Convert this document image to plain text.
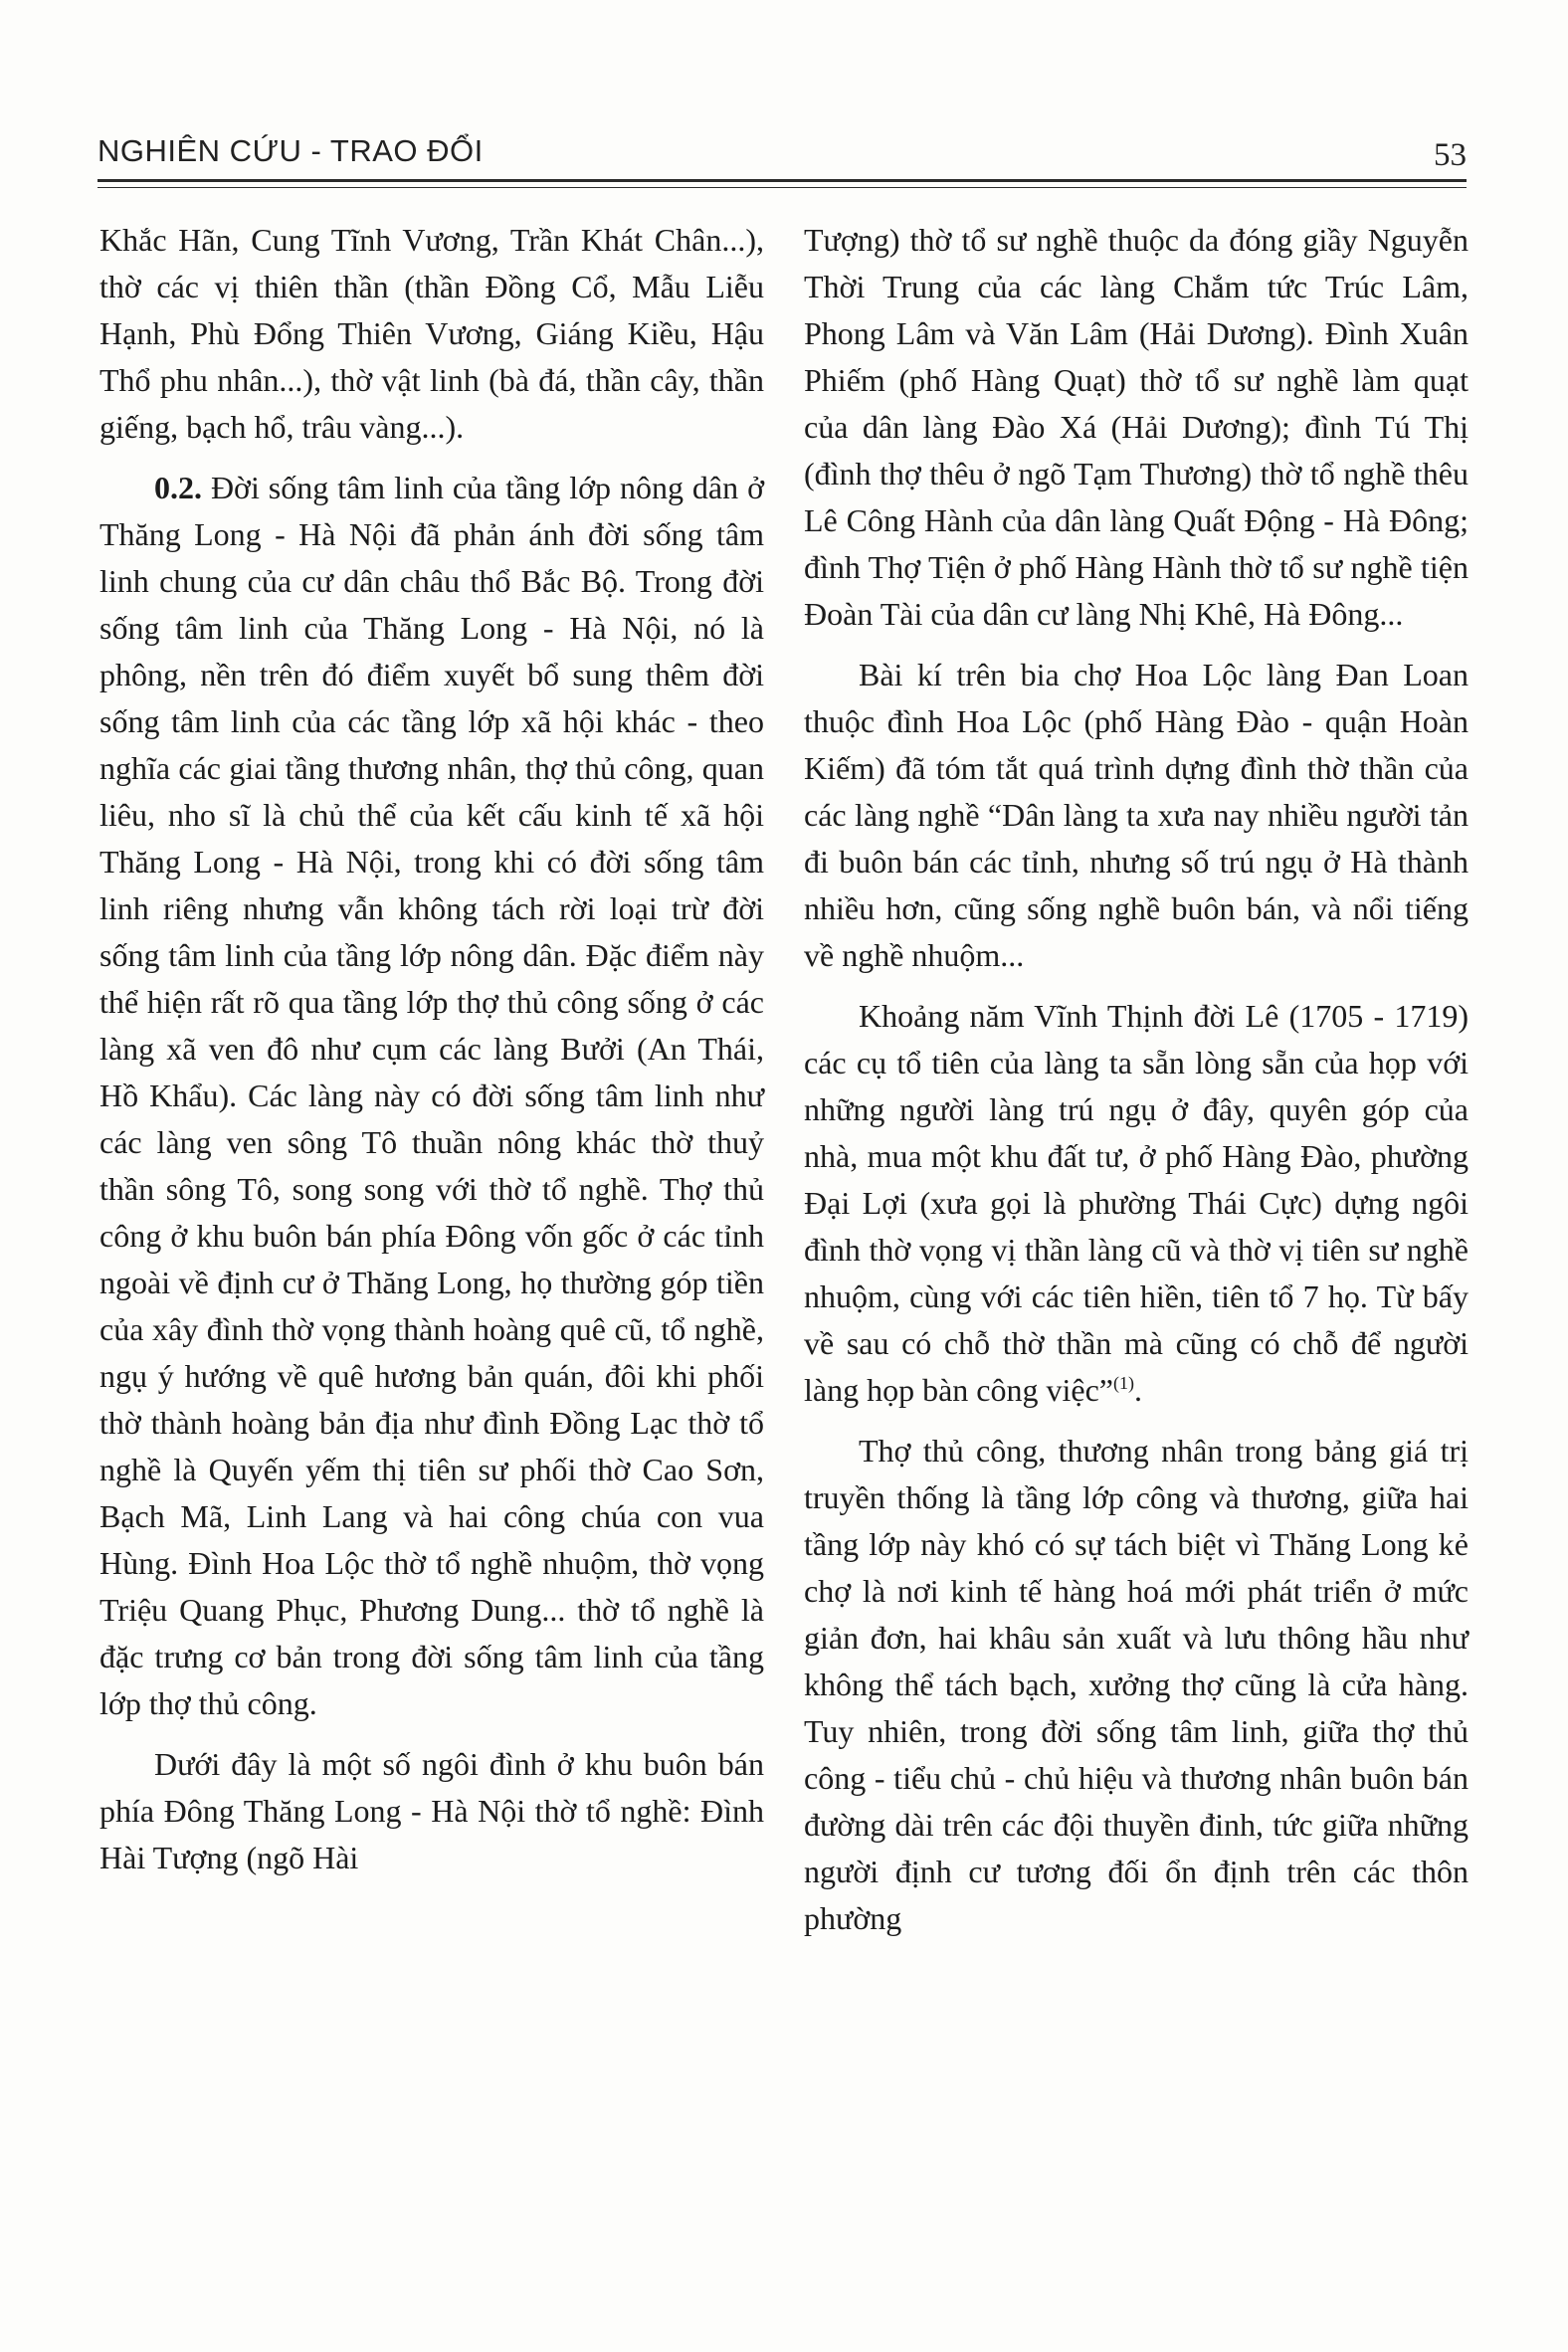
NGHIÊN CỨU - TRAO ĐỔI	53

Khắc Hãn, Cung Tĩnh Vương, Trần Khát Chân...), thờ các vị thiên thần (thần Đồng Cổ, Mẫu Liễu Hạnh, Phù Đổng Thiên Vương, Giáng Kiều, Hậu Thổ phu nhân...), thờ vật linh (bà đá, thần cây, thần giếng, bạch hổ, trâu vàng...).

0.2. Đời sống tâm linh của tầng lớp nông dân ở Thăng Long - Hà Nội đã phản ánh đời sống tâm linh chung của cư dân châu thổ Bắc Bộ. Trong đời sống tâm linh của Thăng Long - Hà Nội, nó là phông, nền trên đó điểm xuyết bổ sung thêm đời sống tâm linh của các tầng lớp xã hội khác - theo nghĩa các giai tầng thương nhân, thợ thủ công, quan liêu, nho sĩ là chủ thể của kết cấu kinh tế xã hội Thăng Long - Hà Nội, trong khi có đời sống tâm linh riêng nhưng vẫn không tách rời loại trừ đời sống tâm linh của tầng lớp nông dân. Đặc điểm này thể hiện rất rõ qua tầng lớp thợ thủ công sống ở các làng xã ven đô như cụm các làng Bưởi (An Thái, Hồ Khẩu). Các làng này có đời sống tâm linh như các làng ven sông Tô thuần nông khác thờ thuỷ thần sông Tô, song song với thờ tổ nghề. Thợ thủ công ở khu buôn bán phía Đông vốn gốc ở các tỉnh ngoài về định cư ở Thăng Long, họ thường góp tiền của xây đình thờ vọng thành hoàng quê cũ, tổ nghề, ngụ ý hướng về quê hương bản quán, đôi khi phối thờ thành hoàng bản địa như đình Đồng Lạc thờ tổ nghề là Quyến yếm thị tiên sư phối thờ Cao Sơn, Bạch Mã, Linh Lang và hai công chúa con vua Hùng. Đình Hoa Lộc thờ tổ nghề nhuộm, thờ vọng Triệu Quang Phục, Phương Dung... thờ tổ nghề là đặc trưng cơ bản trong đời sống tâm linh của tầng lớp thợ thủ công.

Dưới đây là một số ngôi đình ở khu buôn bán phía Đông Thăng Long - Hà Nội thờ tổ nghề: Đình Hài Tượng (ngõ Hài

Tượng) thờ tổ sư nghề thuộc da đóng giầy Nguyễn Thời Trung của các làng Chắm tức Trúc Lâm, Phong Lâm và Văn Lâm (Hải Dương). Đình Xuân Phiếm (phố Hàng Quạt) thờ tổ sư nghề làm quạt của dân làng Đào Xá (Hải Dương); đình Tú Thị (đình thợ thêu ở ngõ Tạm Thương) thờ tổ nghề thêu Lê Công Hành của dân làng Quất Động - Hà Đông; đình Thợ Tiện ở phố Hàng Hành thờ tổ sư nghề tiện Đoàn Tài của dân cư làng Nhị Khê, Hà Đông...

Bài kí trên bia chợ Hoa Lộc làng Đan Loan thuộc đình Hoa Lộc (phố Hàng Đào - quận Hoàn Kiếm) đã tóm tắt quá trình dựng đình thờ thần của các làng nghề “Dân làng ta xưa nay nhiều người tản đi buôn bán các tỉnh, nhưng số trú ngụ ở Hà thành nhiều hơn, cũng sống nghề buôn bán, và nổi tiếng về nghề nhuộm...

Khoảng năm Vĩnh Thịnh đời Lê (1705 - 1719) các cụ tổ tiên của làng ta sẵn lòng sẵn của họp với những người làng trú ngụ ở đây, quyên góp của nhà, mua một khu đất tư, ở phố Hàng Đào, phường Đại Lợi (xưa gọi là phường Thái Cực) dựng ngôi đình thờ vọng vị thần làng cũ và thờ vị tiên sư nghề nhuộm, cùng với các tiên hiền, tiên tổ 7 họ. Từ bấy về sau có chỗ thờ thần mà cũng có chỗ để người làng họp bàn công việc”$^{(1)}$.

Thợ thủ công, thương nhân trong bảng giá trị truyền thống là tầng lớp công và thương, giữa hai tầng lớp này khó có sự tách biệt vì Thăng Long kẻ chợ là nơi kinh tế hàng hoá mới phát triển ở mức giản đơn, hai khâu sản xuất và lưu thông hầu như không thể tách bạch, xưởng thợ cũng là cửa hàng. Tuy nhiên, trong đời sống tâm linh, giữa thợ thủ công - tiểu chủ - chủ hiệu và thương nhân buôn bán đường dài trên các đội thuyền đinh, tức giữa những người định cư tương đối ổn định trên các thôn phường
